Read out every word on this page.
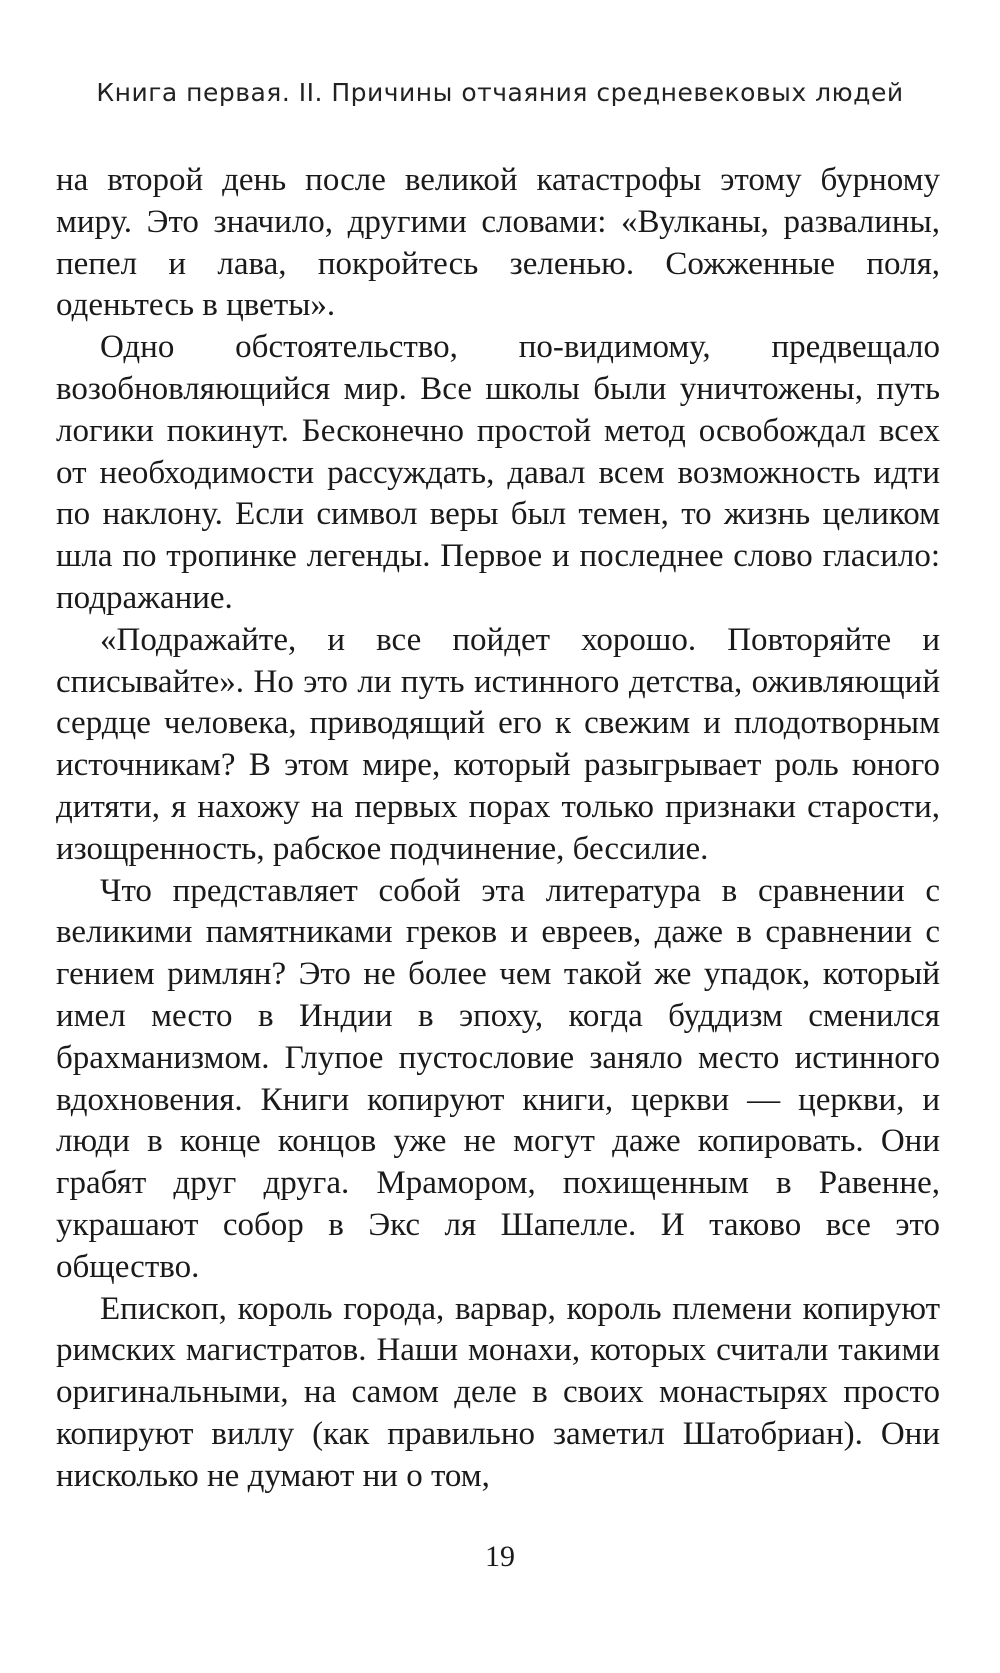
Книга первая. II. Причины отчаяния средневековых людей

на второй день после великой катастрофы этому бурному миру. Это значило, другими словами: «Вулканы, развалины, пепел и лава, покройтесь зеленью. Сожженные поля, оденьтесь в цветы».

Одно обстоятельство, по-видимому, предвещало возобновляющийся мир. Все школы были уничтожены, путь логики покинут. Бесконечно простой метод освобождал всех от необходимости рассуждать, давал всем возможность идти по наклону. Если символ веры был темен, то жизнь целиком шла по тропинке легенды. Первое и последнее слово гласило: подражание.

«Подражайте, и все пойдет хорошо. Повторяйте и списывайте». Но это ли путь истинного детства, оживляющий сердце человека, приводящий его к свежим и плодотворным источникам? В этом мире, который разыгрывает роль юного дитяти, я нахожу на первых порах только признаки старости, изощренность, рабское подчинение, бессилие.

Что представляет собой эта литература в сравнении с великими памятниками греков и евреев, даже в сравнении с гением римлян? Это не более чем такой же упадок, который имел место в Индии в эпоху, когда буддизм сменился брахманизмом. Глупое пустословие заняло место истинного вдохновения. Книги копируют книги, церкви — церкви, и люди в конце концов уже не могут даже копировать. Они грабят друг друга. Мрамором, похищенным в Равенне, украшают собор в Экс ля Шапелле. И таково все это общество.

Епископ, король города, варвар, король племени копируют римских магистратов. Наши монахи, которых считали такими оригинальными, на самом деле в своих монастырях просто копируют виллу (как правильно заметил Шатобриан). Они нисколько не думают ни о том,

19
